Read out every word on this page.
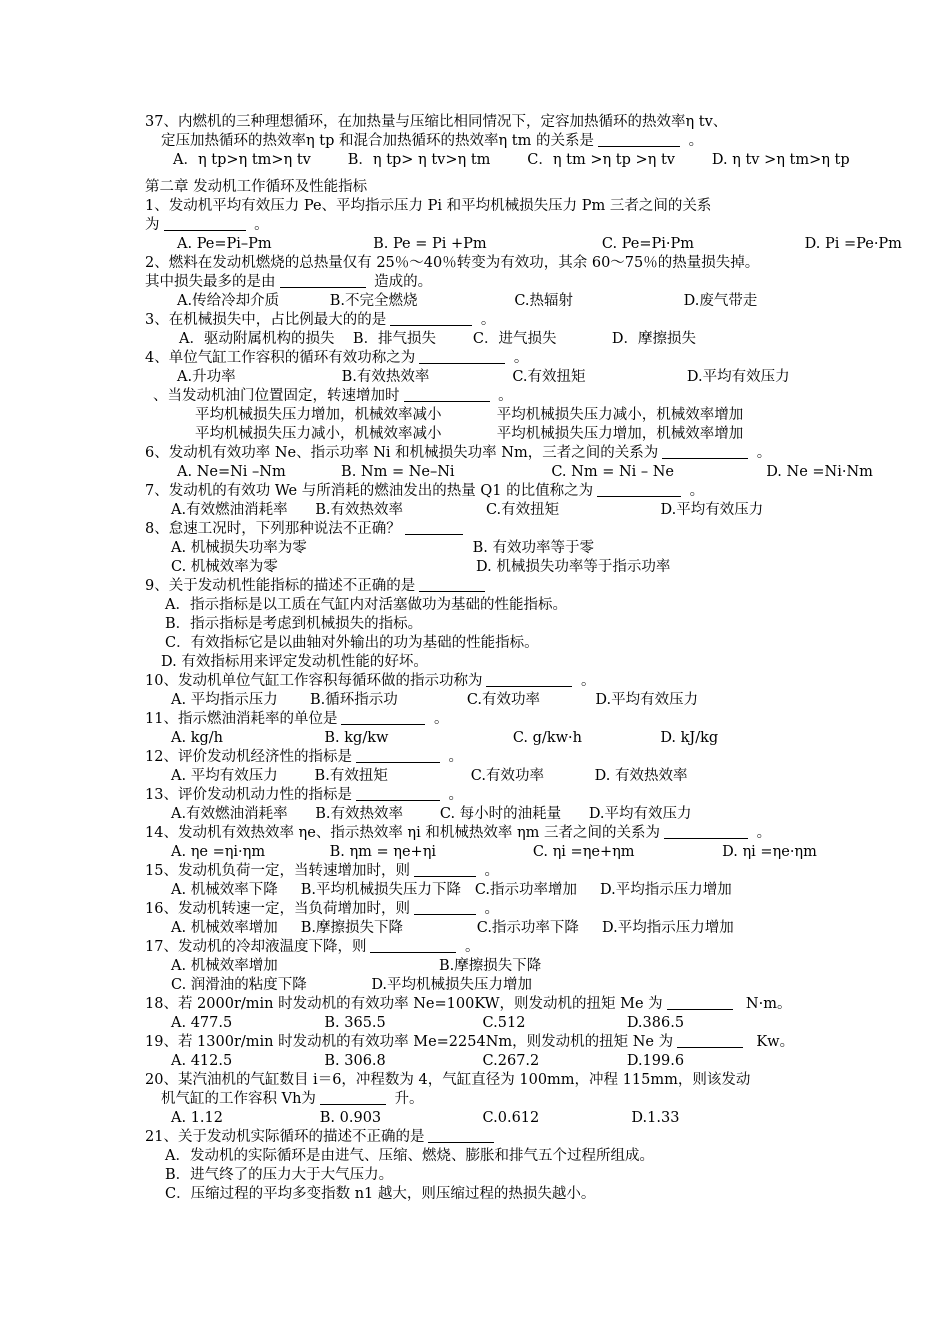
37、内燃机的三种理想循环，在加热量与压缩比相同情况下，定容加热循环的热效率η tv、
定压加热循环的热效率η tp 和混合加热循环的热效率η tm 的关系是	。
A．η tp>η tm>η tv        B．η tp> η tv>η tm        C．η tm >η tp >η tv        D. η tv >η tm>η tp
第二章 发动机工作循环及性能指标
1、发动机平均有效压力 Pe、平均指示压力 Pi 和平均机械损失压力 Pm 三者之间的关系
为	。
A. Pe=Pi–Pm                      B. Pe = Pi +Pm                         C. Pe=Pi·Pm                        D. Pi =Pe·Pm
2、燃料在发动机燃烧的总热量仅有 25％～40％转变为有效功，其余 60～75％的热量损失掉。
其中损失最多的是由	造成的。
A.传给冷却介质           B.不完全燃烧                     C.热辐射                        D.废气带走
3、在机械损失中，占比例最大的的是	。
A．驱动附属机构的损失    B．排气损失        C．进气损失            D．摩擦损失
4、单位气缸工作容积的循环有效功称之为	。
A.升功率                       B.有效热效率                  C.有效扭矩                      D.平均有效压力
、当发动机油门位置固定，转速增加时	。
平均机械损失压力增加，机械效率减小            平均机械损失压力减小，机械效率增加
平均机械损失压力减小，机械效率减小            平均机械损失压力增加，机械效率增加
6、发动机有效功率 Ne、指示功率 Ni 和机械损失功率 Nm，三者之间的关系为	。
A. Ne=Ni –Nm            B. Nm = Ne–Ni                     C. Nm = Ni – Ne                    D. Ne =Ni·Nm
7、发动机的有效功 We 与所消耗的燃油发出的热量 Q1 的比值称之为	。
A.有效燃油消耗率      B.有效热效率                  C.有效扭矩                      D.平均有效压力
8、怠速工况时，下列那种说法不正确？
A. 机械损失功率为零                                    B. 有效功率等于零
C. 机械效率为零                                           D. 机械损失功率等于指示功率
9、关于发动机性能指标的描述不正确的是
A．指示指标是以工质在气缸内对活塞做功为基础的性能指标。
B．指示指标是考虑到机械损失的指标。
C．有效指标它是以曲轴对外输出的功为基础的性能指标。
D. 有效指标用来评定发动机性能的好坏。
10、发动机单位气缸工作容积每循环做的指示功称为	。
A. 平均指示压力       B.循环指示功               C.有效功率            D.平均有效压力
11、指示燃油消耗率的单位是	。
A. kg/h                      B. kg/kw                           C. g/kw·h                 D. kJ/kg
12、评价发动机经济性的指标是	。
A. 平均有效压力        B.有效扭矩                  C.有效功率           D. 有效热效率
13、评价发动机动力性的指标是	。
A.有效燃油消耗率      B.有效热效率        C. 每小时的油耗量      D.平均有效压力
14、发动机有效热效率 ηe、指示热效率 ηi 和机械热效率 ηm 三者之间的关系为	。
A. ηe =ηi·ηm              B. ηm = ηe+ηi                     C. ηi =ηe+ηm                   D. ηi =ηe·ηm
15、发动机负荷一定，当转速增加时，则	。
A. 机械效率下降     B.平均机械损失压力下降   C.指示功率增加     D.平均指示压力增加
16、发动机转速一定，当负荷增加时，则	。
A. 机械效率增加     B.摩擦损失下降                C.指示功率下降     D.平均指示压力增加
17、发动机的冷却液温度下降，则	。
A. 机械效率增加                                   B.摩擦损失下降
C. 润滑油的粘度下降              D.平均机械损失压力增加
18、若 2000r/min 时发动机的有效功率 Ne=100KW，则发动机的扭矩 Me 为	N·m。
A. 477.5                    B. 365.5                     C.512                      D.386.5
19、若 1300r/min 时发动机的有效功率 Me=2254Nm，则发动机的扭矩 Ne 为	Kw。
A. 412.5                    B. 306.8                     C.267.2                   D.199.6
20、某汽油机的气缸数目 i＝6，冲程数为 4，气缸直径为 100mm，冲程 115mm，则该发动
机气缸的工作容积 Vh为	升。
A. 1.12                     B. 0.903                      C.0.612                    D.1.33
21、关于发动机实际循环的描述不正确的是
A．发动机的实际循环是由进气、压缩、燃烧、膨胀和排气五个过程所组成。
B．进气终了的压力大于大气压力。
C．压缩过程的平均多变指数 n1 越大，则压缩过程的热损失越小。
